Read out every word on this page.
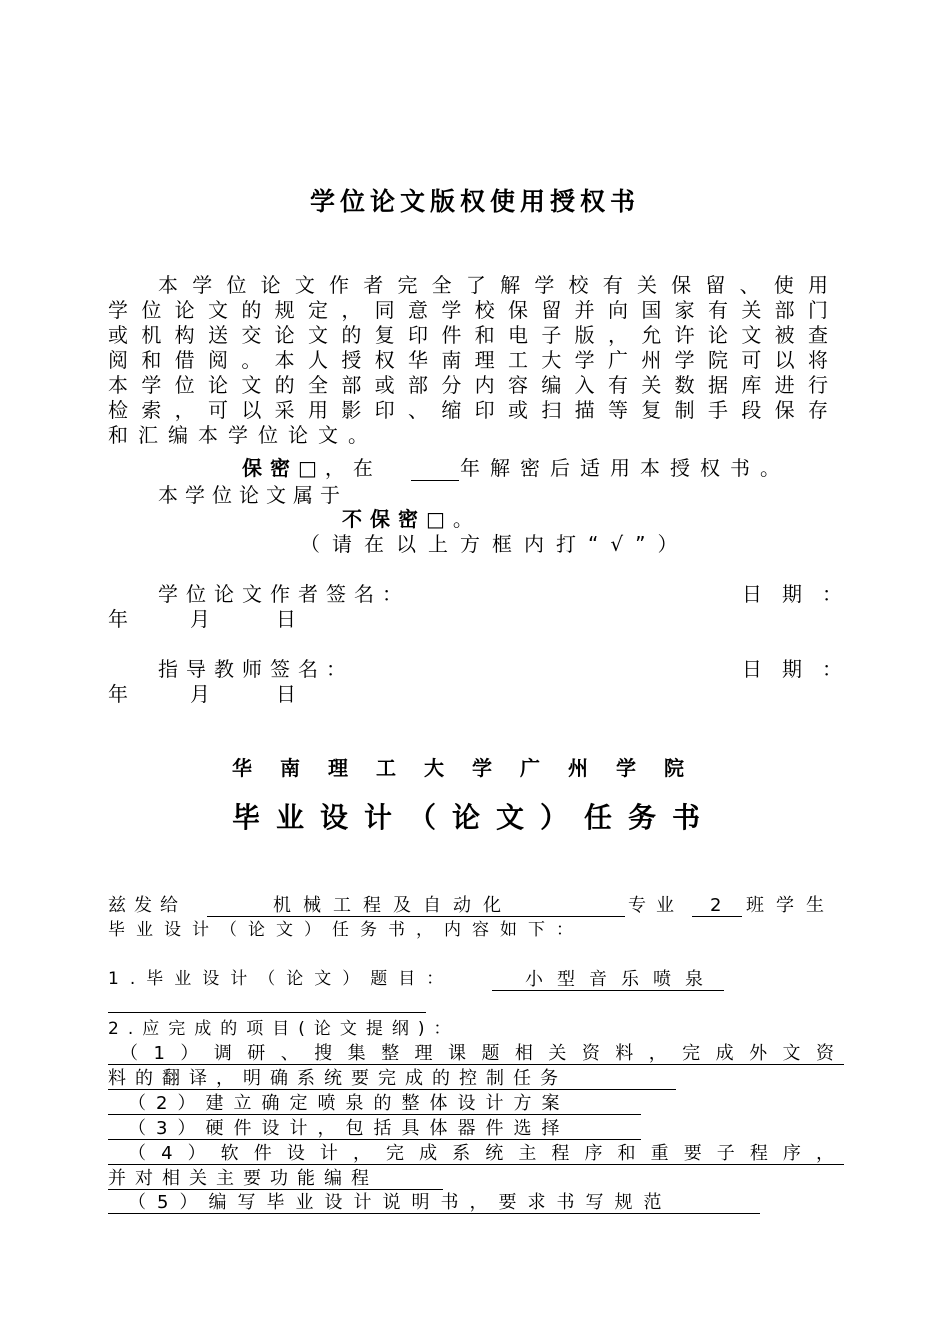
学位论文版权使用授权书
本学位论文作者完全了解学校有关保留、使用
学位论文的规定，同意学校保留并向国家有关部门
或机构送交论文的复印件和电子版，允许论文被查
阅和借阅。本人授权华南理工大学广州学院可以将
本学位论文的全部或部分内容编入有关数据库进行
检索，可以采用影印、缩印或扫描等复制手段保存
和汇编本学位论文。
保密□，在	年解密后适用本授权书。
本学位论文属于
不保密□。
（请在以上方框内打“√”）
学位论文作者签名：	日期：
年	月	日
指导教师签名：	日期：
年	月	日
华南理工大学广州学院
毕业设计（论文）任务书
兹发给	机械工程及自动化	专业 2 班学生
毕业设计（论文）任务书，内容如下：
1.毕业设计（论文）题目：	小型音乐喷泉
2.应完成的项目(论文提纲)：
（1）调研、搜集整理课题相关资料，完成外文资
料的翻译，明确系统要完成的控制任务
（2）建立确定喷泉的整体设计方案
（3）硬件设计，包括具体器件选择
（4）软件设计，完成系统主程序和重要子程序，
并对相关主要功能编程
（5）编写毕业设计说明书，要求书写规范
